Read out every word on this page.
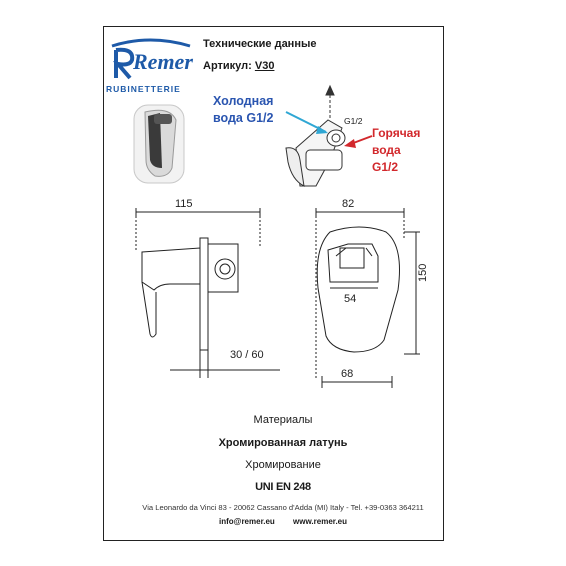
RUBINETTERIE
Remer
Технические данные
Артикул: V30
Холодная
вода G1/2
Горячая
вода
G1/2
G1/2
115
30 / 60
82
54
68
150
Материалы
Хромированная латунь
Хромирование
UNI EN 248
Via Leonardo da Vinci 83 - 20062 Cassano d'Adda (MI) Italy - Tel. +39-0363 364211
info@remer.eu www.remer.eu
